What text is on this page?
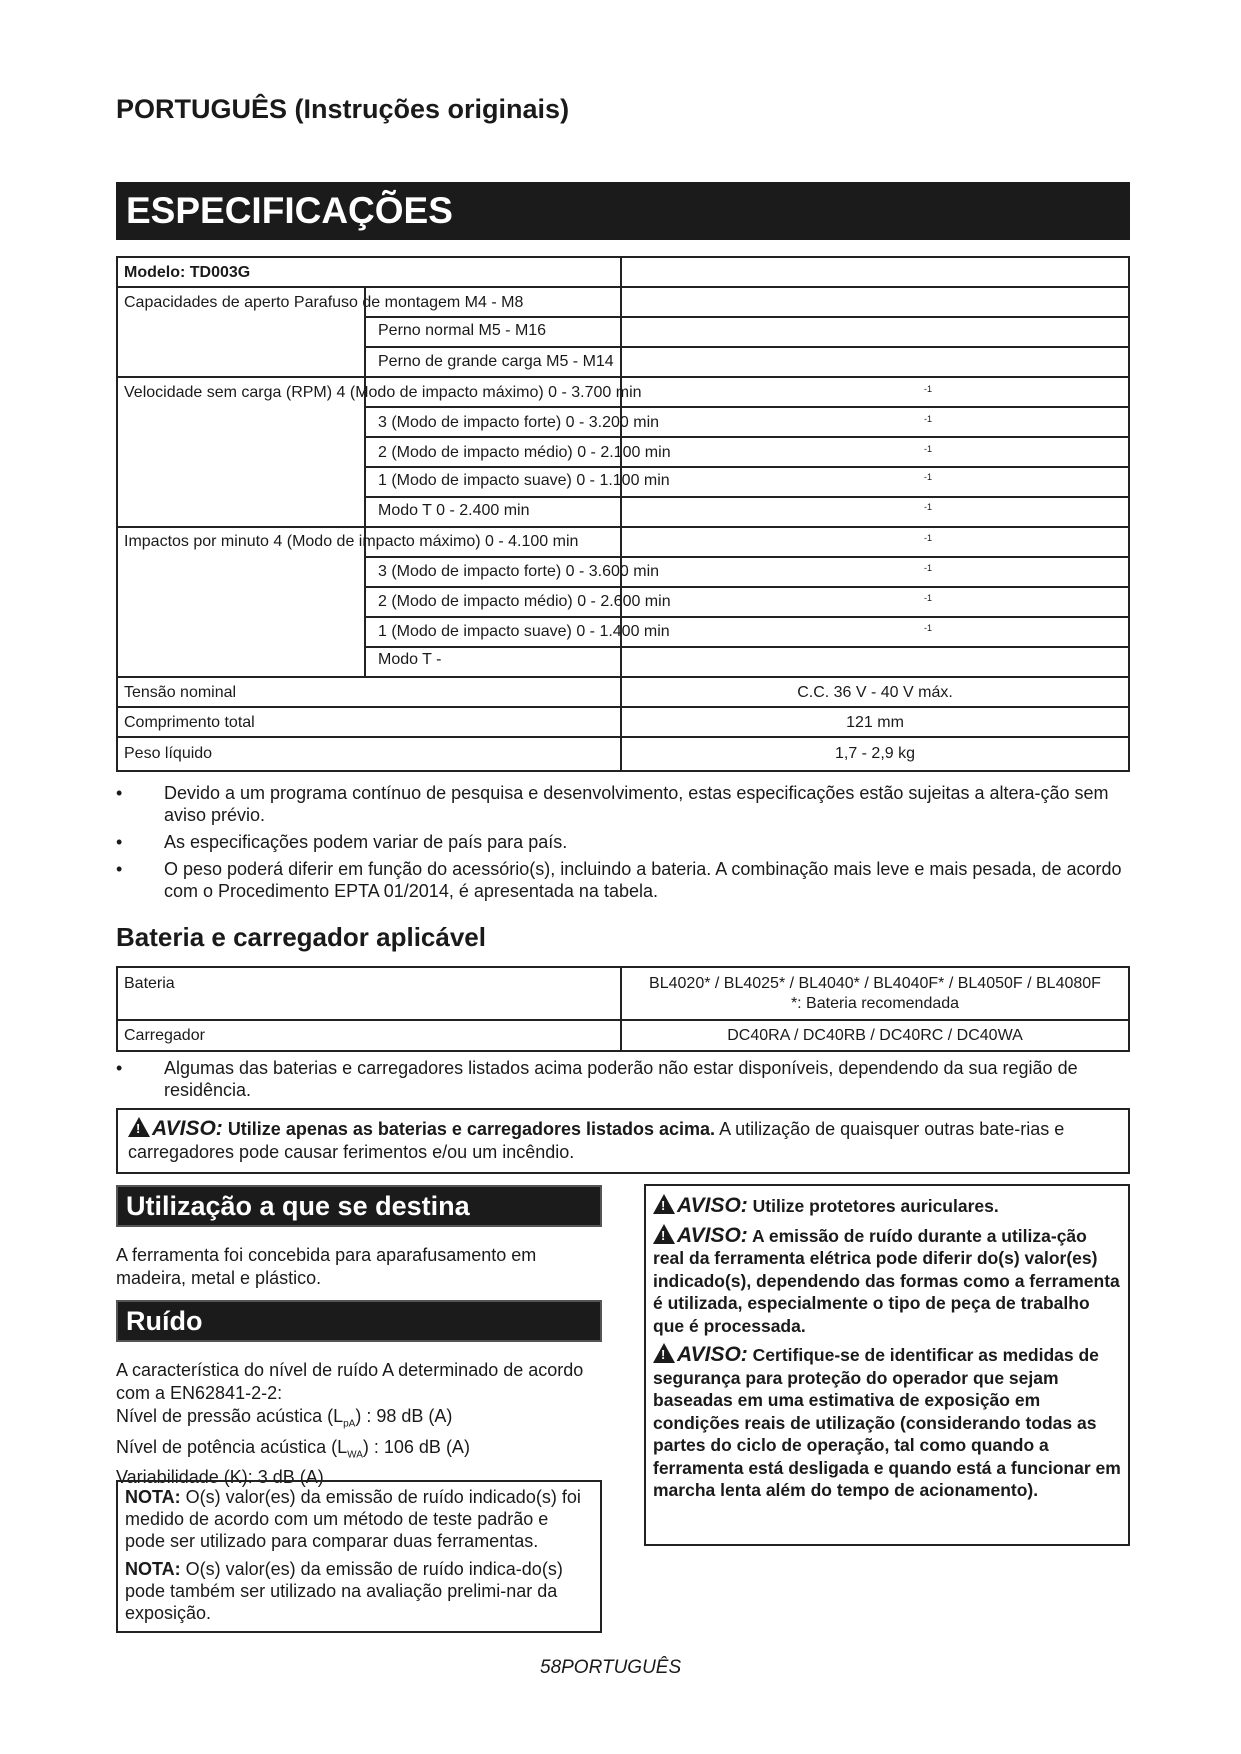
PORTUGUÊS (Instruções originais)
ESPECIFICAÇÕES
Modelo: TD003G
Capacidades de aperto Parafuso de montagem M4 - M8
Perno normal M5 - M16
Perno de grande carga M5 - M14
Velocidade sem carga (RPM) 4 (Modo de impacto máximo) 0 - 3.700 min
3 (Modo de impacto forte) 0 - 3.200 min
2 (Modo de impacto médio) 0 - 2.100 min
1 (Modo de impacto suave) 0 - 1.100 min
Modo T 0 - 2.400 min
Impactos por minuto 4 (Modo de impacto máximo) 0 - 4.100 min
3 (Modo de impacto forte) 0 - 3.600 min
2 (Modo de impacto médio) 0 - 2.600 min
1 (Modo de impacto suave) 0 - 1.400 min
Modo T -
Tensão nominal
Comprimento total
Peso líquido
C.C. 36 V - 40 V máx.
121 mm
1,7 - 2,9 kg
-1
-1
-1
-1
-1
-1
-1
-1
-1
• Devido a um programa contínuo de pesquisa e desenvolvimento, estas especificações estão sujeitas a altera-ção sem aviso prévio.
• As especificações podem variar de país para país.
• O peso poderá diferir em função do acessório(s), incluindo a bateria. A combinação mais leve e mais pesada, de acordo com o Procedimento EPTA 01/2014, é apresentada na tabela.
Bateria e carregador aplicável
Bateria	BL4020* / BL4025* / BL4040* / BL4040F* / BL4050F / BL4080F
*: Bateria recomendada
Carregador	DC40RA / DC40RB / DC40RC / DC40WA
• Algumas das baterias e carregadores listados acima poderão não estar disponíveis, dependendo da sua região de residência.
!AVISO: Utilize apenas as baterias e carregadores listados acima. A utilização de quaisquer outras bate-rias e carregadores pode causar ferimentos e/ou um incêndio.
Utilização a que se destina
A ferramenta foi concebida para aparafusamento em madeira, metal e plástico.
Ruído
A característica do nível de ruído A determinado de acordo com a EN62841-2-2:
Nível de pressão acústica $(L_{pA})$ : 98 dB (A)
Nível de potência acústica $(L_{WA})$ : 106 dB (A)
Variabilidade (K): 3 dB (A)
NOTA: O(s) valor(es) da emissão de ruído indicado(s) foi medido de acordo com um método de teste padrão e pode ser utilizado para comparar duas ferramentas.
NOTA: O(s) valor(es) da emissão de ruído indica-do(s) pode também ser utilizado na avaliação prelimi-nar da exposição.

!AVISO: Utilize protetores auriculares.

!AVISO: A emissão de ruído durante a utiliza-ção real da ferramenta elétrica pode diferir do(s) valor(es) indicado(s), dependendo das formas como a ferramenta é utilizada, especialmente o tipo de peça de trabalho que é processada.

!AVISO: Certifique-se de identificar as medidas de segurança para proteção do operador que sejam baseadas em uma estimativa de exposição em condições reais de utilização (considerando todas as partes do ciclo de operação, tal como quando a ferramenta está desligada e quando está a funcionar em marcha lenta além do tempo de acionamento).

58PORTUGUÊS
